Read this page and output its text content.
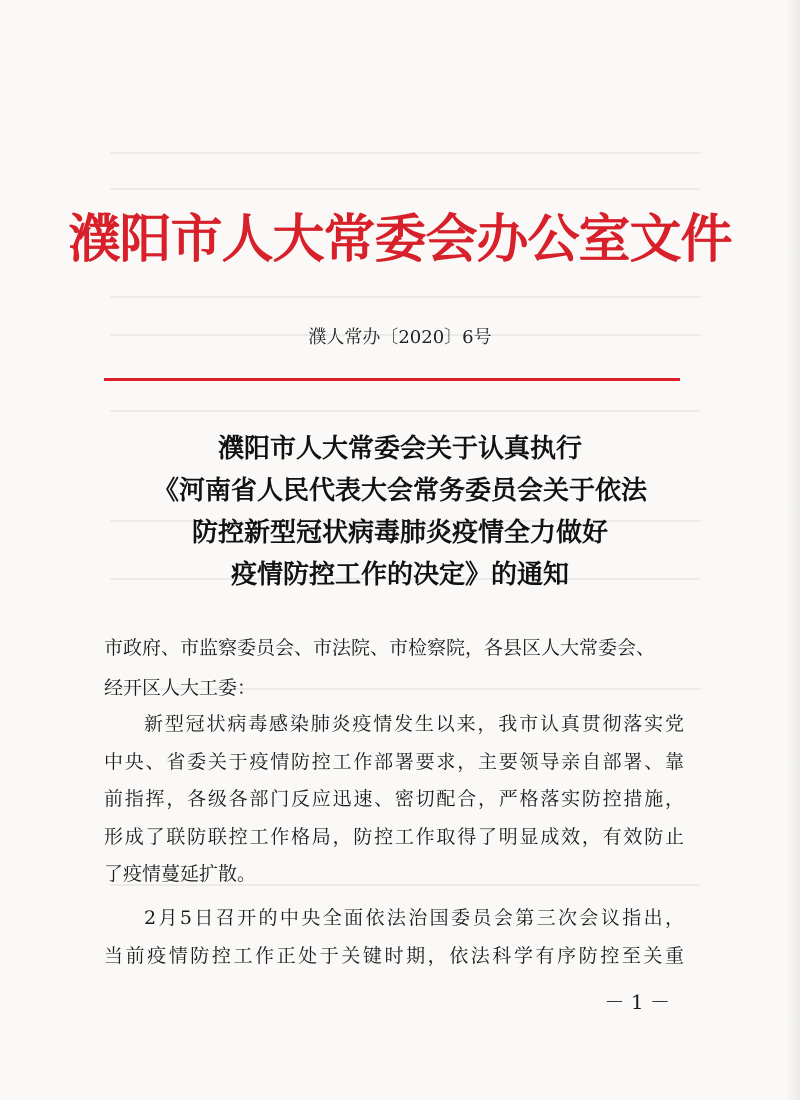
濮阳市人大常委会办公室文件
濮人常办〔2020〕6号
濮阳市人大常委会关于认真执行
《河南省人民代表大会常务委员会关于依法
防控新型冠状病毒肺炎疫情全力做好
疫情防控工作的决定》的通知
市政府、市监察委员会、市法院、市检察院，各县区人大常委会、
经开区人大工委：
新型冠状病毒感染肺炎疫情发生以来，我市认真贯彻落实党
中央、省委关于疫情防控工作部署要求，主要领导亲自部署、靠
前指挥，各级各部门反应迅速、密切配合，严格落实防控措施，
形成了联防联控工作格局，防控工作取得了明显成效，有效防止
了疫情蔓延扩散。
2月5日召开的中央全面依法治国委员会第三次会议指出，
当前疫情防控工作正处于关键时期，依法科学有序防控至关重
－ 1 －
